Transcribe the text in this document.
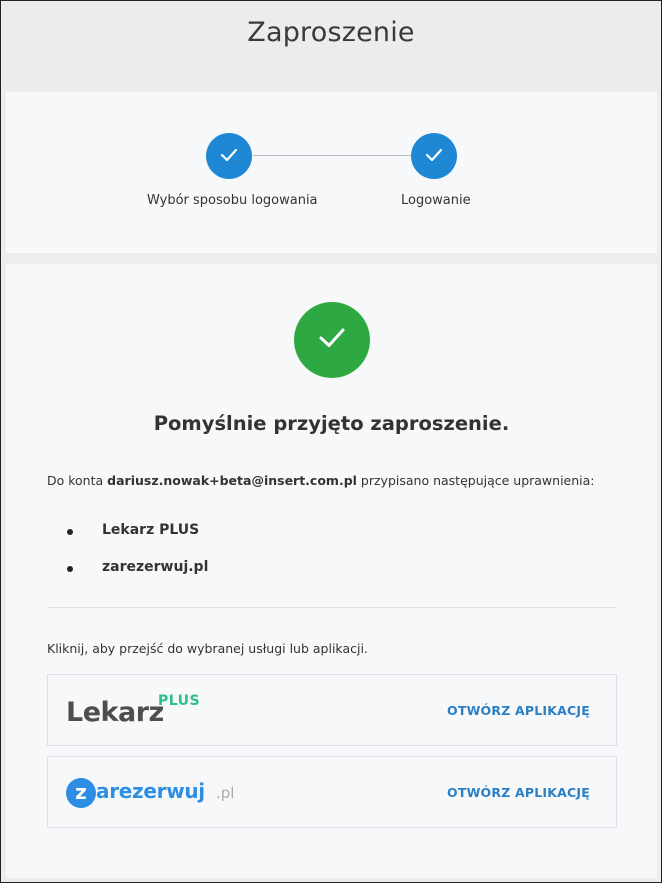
Zaproszenie
Wybór sposobu logowania	Logowanie
Pomyślnie przyjęto zaproszenie.
Do konta dariusz.nowak+beta@insert.com.pl przypisano następujące uprawnienia:
Lekarz PLUS
zarezerwuj.pl
Kliknij, aby przejść do wybranej usługi lub aplikacji.
Lekarz
PLUS
OTWÓRZ APLIKACJĘ
z arezerwuj .pl	OTWÓRZ APLIKACJĘ
